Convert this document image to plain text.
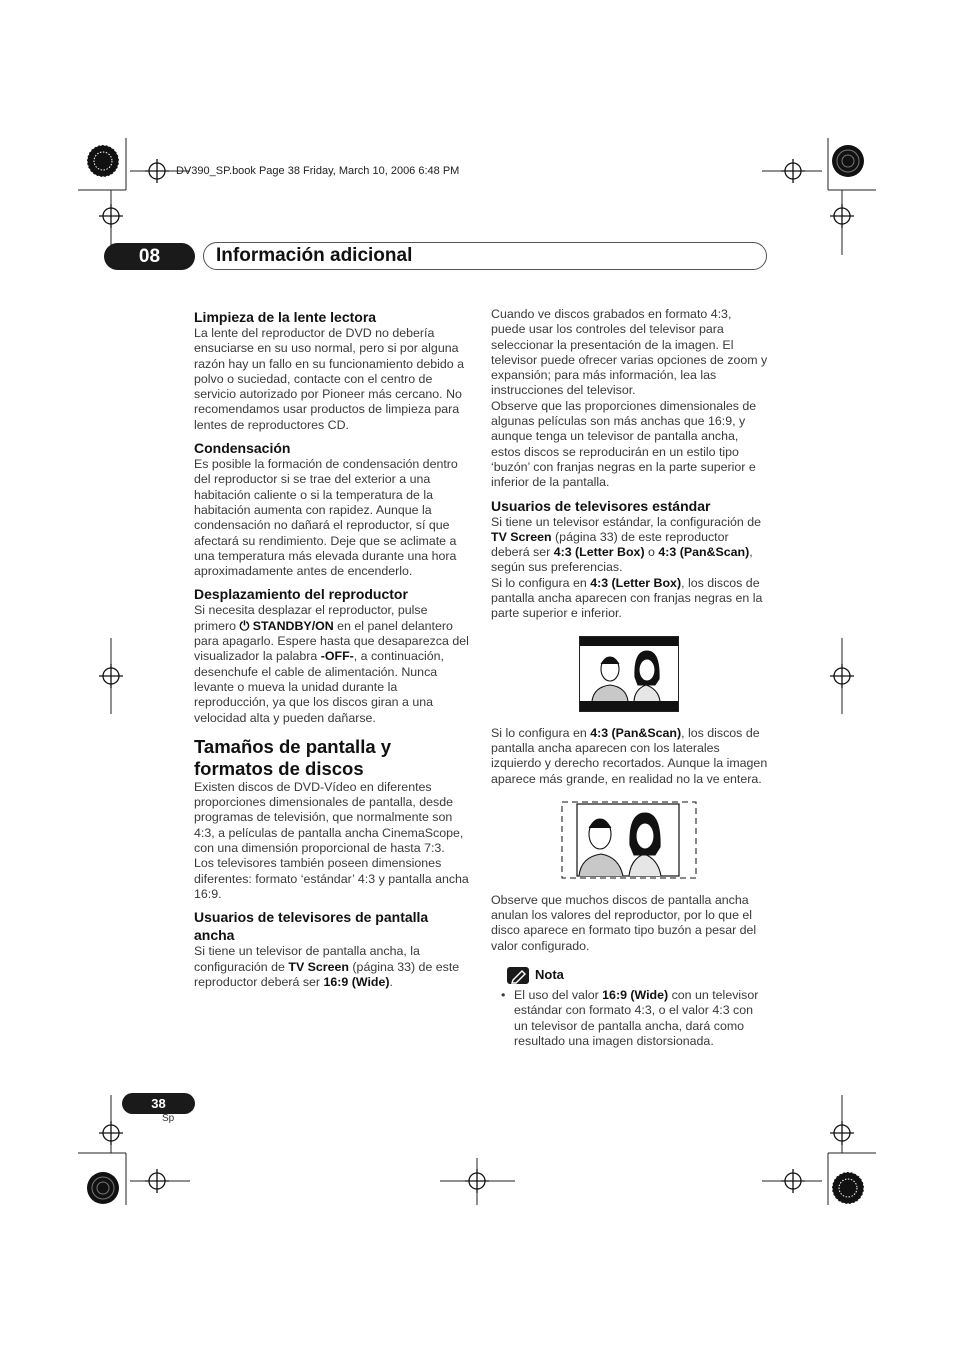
DV390_SP.book Page 38 Friday, March 10, 2006 6:48 PM
08	Información adicional
Limpieza de la lente lectora

La lente del reproductor de DVD no debería ensuciarse en su uso normal, pero si por alguna razón hay un fallo en su funcionamiento debido a polvo o suciedad, contacte con el centro de servicio autorizado por Pioneer más cercano. No recomendamos usar productos de limpieza para lentes de reproductores CD.

Condensación

Es posible la formación de condensación dentro del reproductor si se trae del exterior a una habitación caliente o si la temperatura de la habitación aumenta con rapidez. Aunque la condensación no dañará el reproductor, sí que afectará su rendimiento. Deje que se aclimate a una temperatura más elevada durante una hora aproximadamente antes de encenderlo.

Desplazamiento del reproductor

Si necesita desplazar el reproductor, pulse primero ⏻ STANDBY/ON en el panel delantero para apagarlo. Espere hasta que desaparezca del visualizador la palabra -OFF-, a continuación, desenchufe el cable de alimentación. Nunca levante o mueva la unidad durante la reproducción, ya que los discos giran a una velocidad alta y pueden dañarse.

Tamaños de pantalla y formatos de discos

Existen discos de DVD-Vídeo en diferentes proporciones dimensionales de pantalla, desde programas de televisión, que normalmente son 4:3, a películas de pantalla ancha CinemaScope, con una dimensión proporcional de hasta 7:3.

Los televisores también poseen dimensiones diferentes: formato ‘estándar’ 4:3 y pantalla ancha 16:9.

Usuarios de televisores de pantalla ancha

Si tiene un televisor de pantalla ancha, la configuración de TV Screen (página 33) de este reproductor deberá ser 16:9 (Wide).

Cuando ve discos grabados en formato 4:3, puede usar los controles del televisor para seleccionar la presentación de la imagen. El televisor puede ofrecer varias opciones de zoom y expansión; para más información, lea las instrucciones del televisor.

Observe que las proporciones dimensionales de algunas películas son más anchas que 16:9, y aunque tenga un televisor de pantalla ancha, estos discos se reproducirán en un estilo tipo ‘buzón’ con franjas negras en la parte superior e inferior de la pantalla.

Usuarios de televisores estándar

Si tiene un televisor estándar, la configuración de TV Screen (página 33) de este reproductor deberá ser 4:3 (Letter Box) o 4:3 (Pan&Scan), según sus preferencias.

Si lo configura en 4:3 (Letter Box), los discos de pantalla ancha aparecen con franjas negras en la parte superior e inferior.

Si lo configura en 4:3 (Pan&Scan), los discos de pantalla ancha aparecen con los laterales izquierdo y derecho recortados. Aunque la imagen aparece más grande, en realidad no la ve entera.

Observe que muchos discos de pantalla ancha anulan los valores del reproductor, por lo que el disco aparece en formato tipo buzón a pesar del valor configurado.

Nota
• El uso del valor 16:9 (Wide) con un televisor estándar con formato 4:3, o el valor 4:3 con un televisor de pantalla ancha, dará como resultado una imagen distorsionada.
38
Sp
